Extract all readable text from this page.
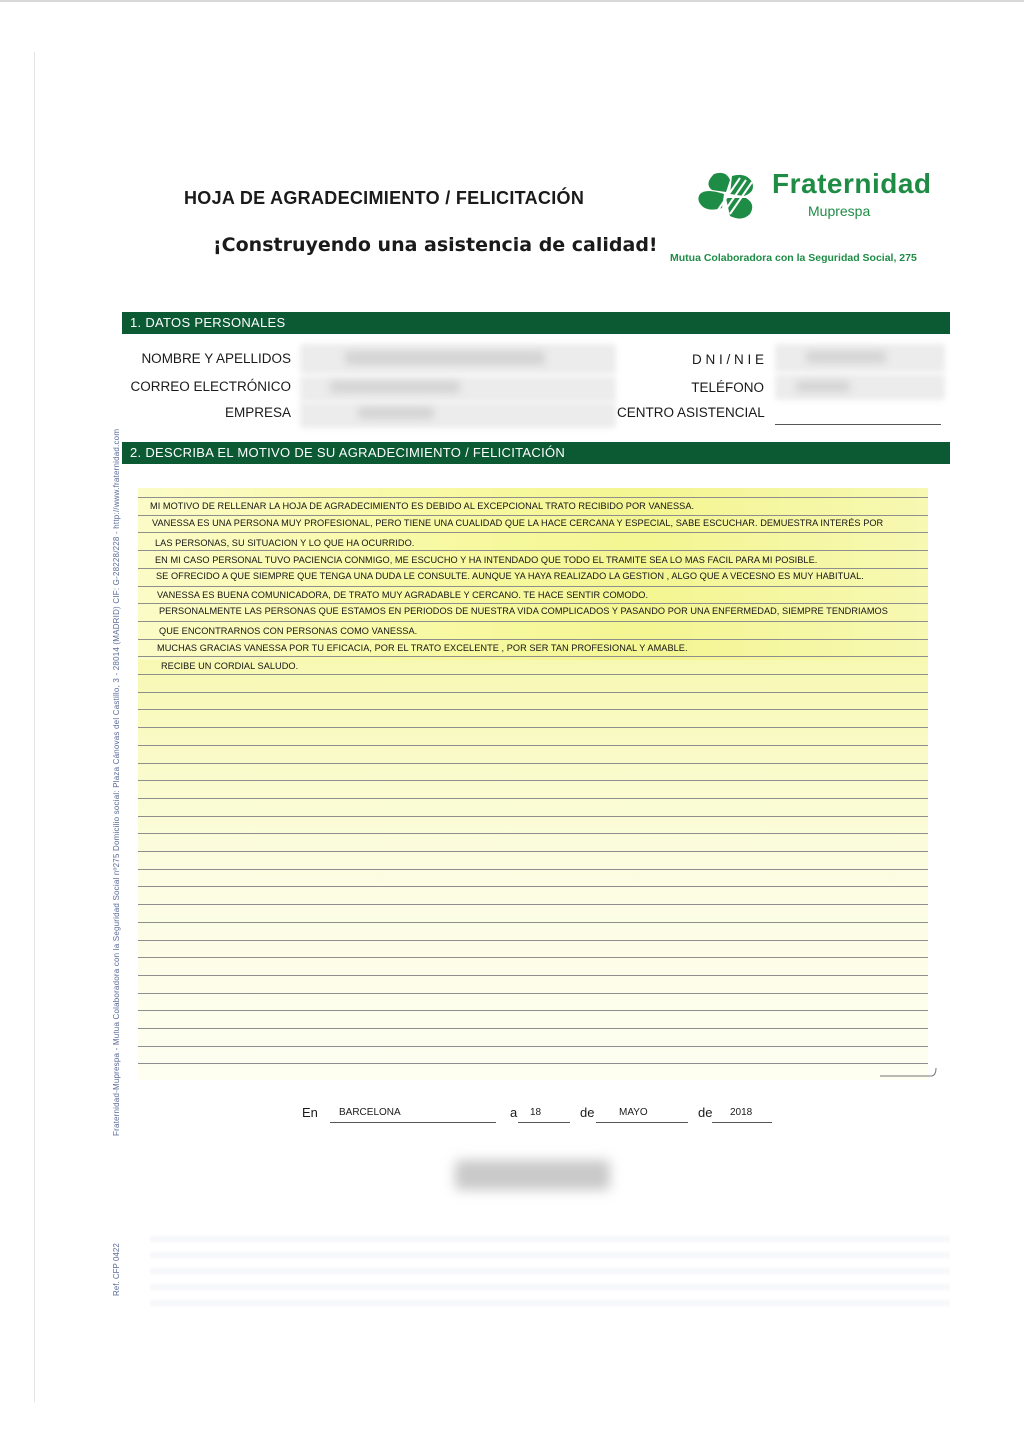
HOJA DE AGRADECIMIENTO / FELICITACIÓN
¡Construyendo una asistencia de calidad!
Fraternidad
Muprespa
Mutua Colaboradora con la Seguridad Social, 275
1. DATOS PERSONALES
NOMBRE Y APELLIDOS
CORREO ELECTRÓNICO
EMPRESA
D N I / N I E
TELÉFONO
CENTRO ASISTENCIAL
2. DESCRIBA EL MOTIVO DE SU AGRADECIMIENTO / FELICITACIÓN
MI MOTIVO DE RELLENAR LA HOJA DE AGRADECIMIENTO ES DEBIDO AL EXCEPCIONAL TRATO RECIBIDO POR VANESSA.
VANESSA ES UNA PERSONA MUY PROFESIONAL, PERO TIENE UNA CUALIDAD QUE LA HACE CERCANA Y ESPECIAL, SABE ESCUCHAR. DEMUESTRA INTERÉS POR
LAS PERSONAS, SU SITUACION Y LO QUE HA OCURRIDO.
EN MI CASO PERSONAL TUVO PACIENCIA CONMIGO, ME ESCUCHO Y HA INTENDADO QUE TODO EL TRAMITE SEA LO MAS FACIL PARA MI POSIBLE.
SE OFRECIDO A QUE SIEMPRE QUE TENGA UNA DUDA LE CONSULTE. AUNQUE YA HAYA REALIZADO LA GESTION , ALGO QUE A VECESNO ES MUY HABITUAL.
VANESSA ES BUENA COMUNICADORA, DE TRATO MUY AGRADABLE Y CERCANO. TE HACE SENTIR COMODO.
PERSONALMENTE LAS PERSONAS QUE ESTAMOS EN PERIODOS DE NUESTRA VIDA COMPLICADOS Y PASANDO POR UNA ENFERMEDAD, SIEMPRE TENDRIAMOS
QUE ENCONTRARNOS CON PERSONAS COMO VANESSA.
MUCHAS GRACIAS VANESSA POR TU EFICACIA, POR EL TRATO EXCELENTE , POR SER TAN PROFESIONAL Y AMABLE.
RECIBE UN CORDIAL SALUDO.
En BARCELONA	a 18	de MAYO	de 2018
Fraternidad-Muprespa - Mutua Colaboradora con la Seguridad Social nº275 Domicilio social: Plaza Cánovas del Castillo, 3 - 28014 (MADRID) CIF: G-28228/228 - http://www.fraternidad.com
Ref. CFP 0422
